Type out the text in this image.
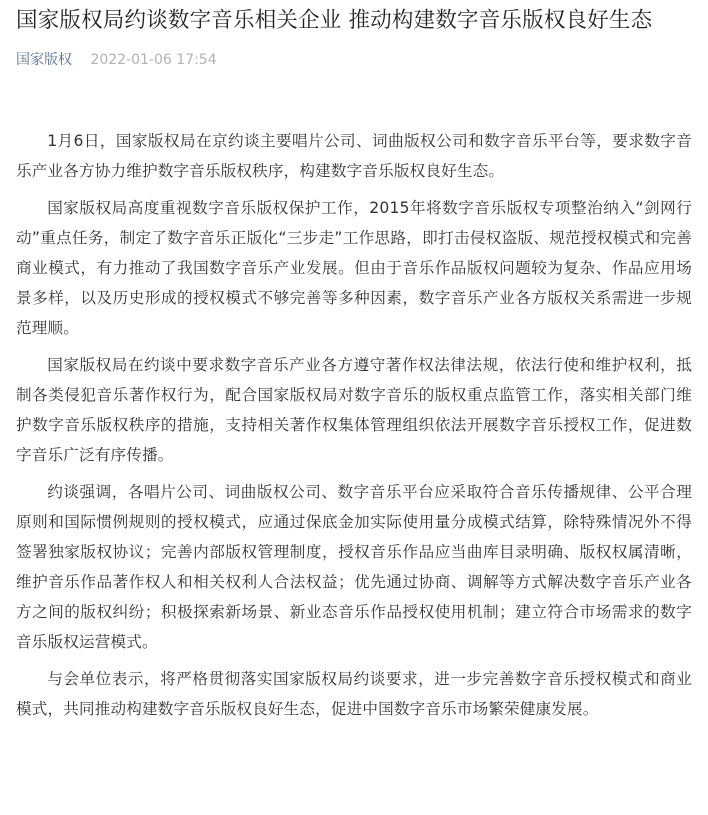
国家版权局约谈数字音乐相关企业 推动构建数字音乐版权良好生态
国家版权 2022-01-06 17:54

1月6日，国家版权局在京约谈主要唱片公司、词曲版权公司和数字音乐平台等，要求数字音乐产业各方协力维护数字音乐版权秩序，构建数字音乐版权良好生态。

国家版权局高度重视数字音乐版权保护工作，2015年将数字音乐版权专项整治纳入“剑网行动”重点任务，制定了数字音乐正版化“三步走”工作思路，即打击侵权盗版、规范授权模式和完善商业模式，有力推动了我国数字音乐产业发展。但由于音乐作品版权问题较为复杂、作品应用场景多样，以及历史形成的授权模式不够完善等多种因素，数字音乐产业各方版权关系需进一步规范理顺。

国家版权局在约谈中要求数字音乐产业各方遵守著作权法律法规，依法行使和维护权利，抵制各类侵犯音乐著作权行为，配合国家版权局对数字音乐的版权重点监管工作，落实相关部门维护数字音乐版权秩序的措施，支持相关著作权集体管理组织依法开展数字音乐授权工作，促进数字音乐广泛有序传播。

约谈强调，各唱片公司、词曲版权公司、数字音乐平台应采取符合音乐传播规律、公平合理原则和国际惯例规则的授权模式，应通过保底金加实际使用量分成模式结算，除特殊情况外不得签署独家版权协议；完善内部版权管理制度，授权音乐作品应当曲库目录明确、版权权属清晰，维护音乐作品著作权人和相关权利人合法权益；优先通过协商、调解等方式解决数字音乐产业各方之间的版权纠纷；积极探索新场景、新业态音乐作品授权使用机制；建立符合市场需求的数字音乐版权运营模式。

与会单位表示，将严格贯彻落实国家版权局约谈要求，进一步完善数字音乐授权模式和商业模式，共同推动构建数字音乐版权良好生态，促进中国数字音乐市场繁荣健康发展。
